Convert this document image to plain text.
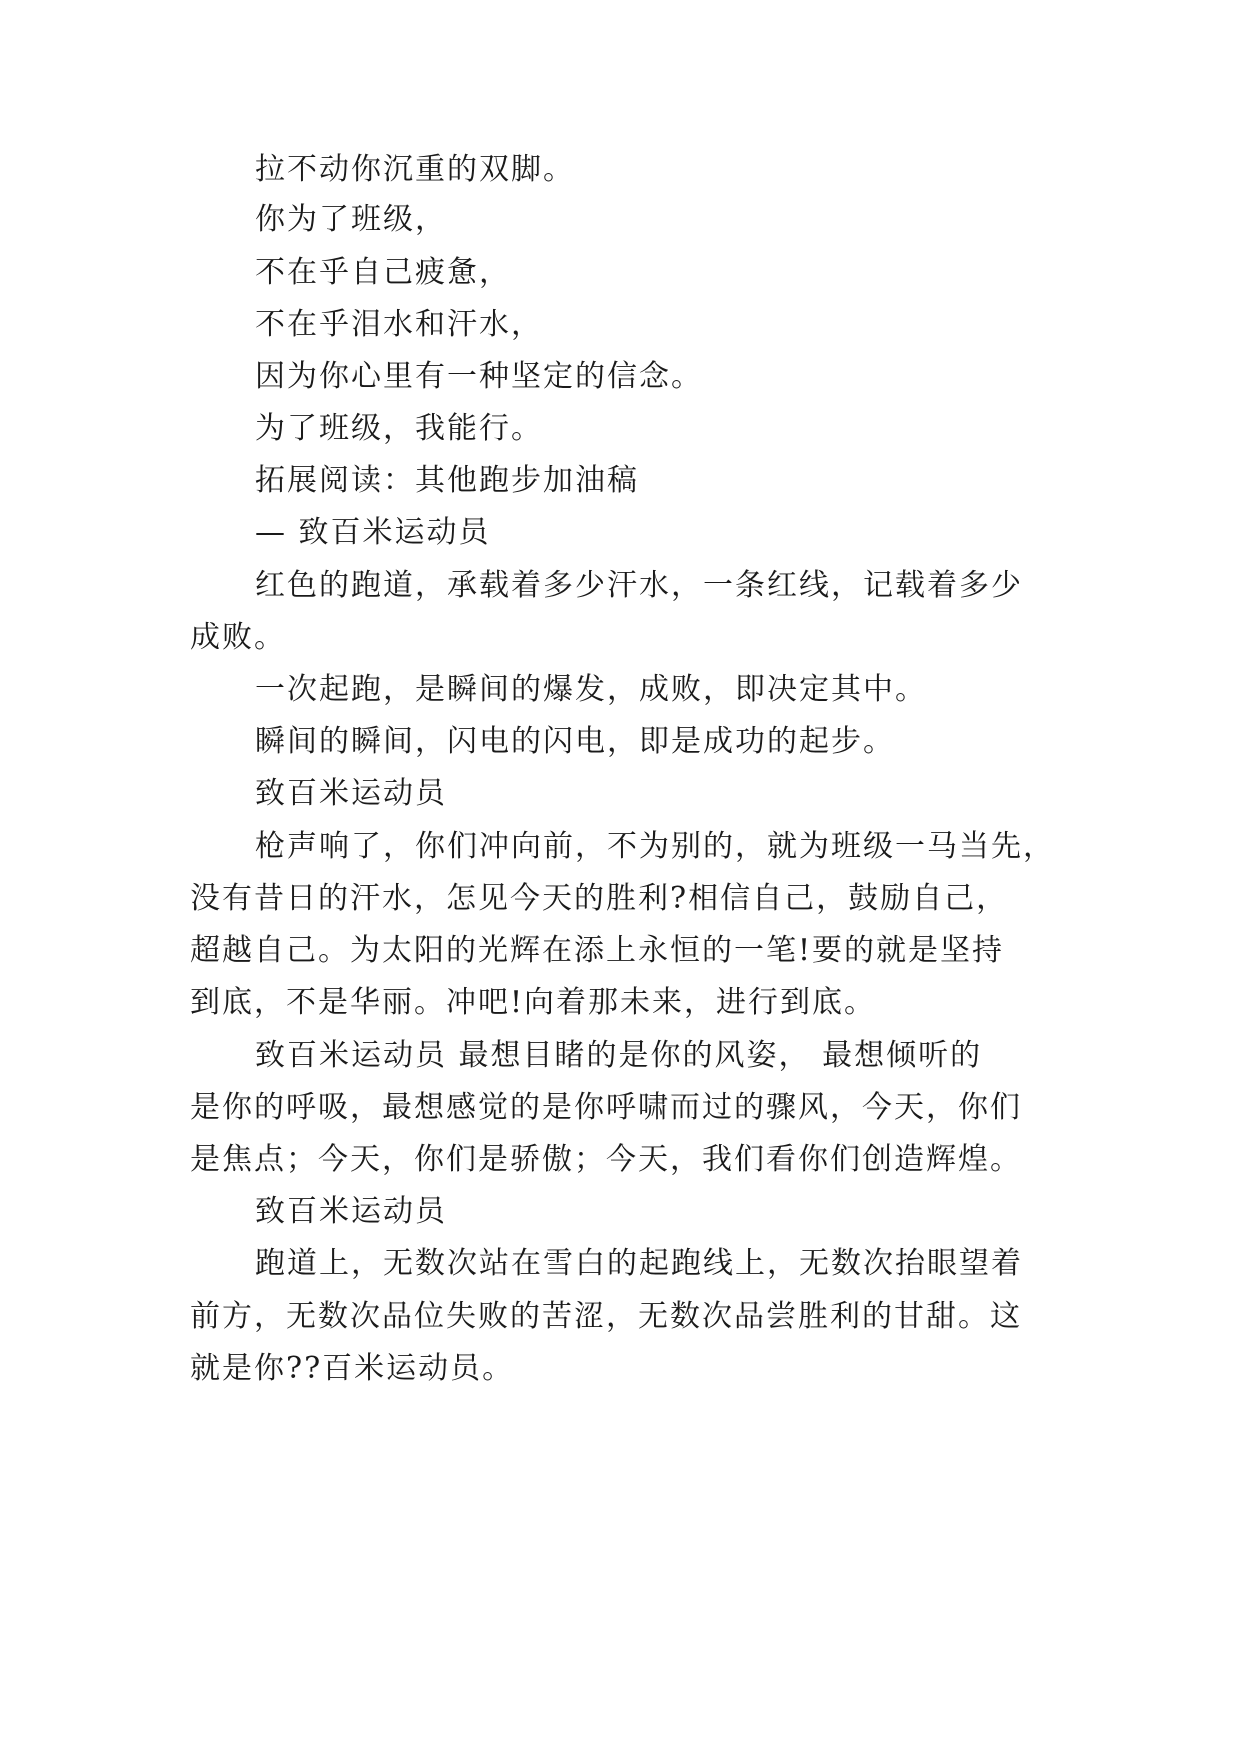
拉不动你沉重的双脚。
你为了班级，
不在乎自己疲惫，
不在乎泪水和汗水，
因为你心里有一种坚定的信念。
为了班级，我能行。
拓展阅读：其他跑步加油稿
— 致百米运动员
红色的跑道，承载着多少汗水，一条红线，记载着多少
成败。
一次起跑，是瞬间的爆发，成败，即决定其中。
瞬间的瞬间，闪电的闪电，即是成功的起步。
致百米运动员
枪声响了，你们冲向前，不为别的，就为班级一马当先，
没有昔日的汗水，怎见今天的胜利?相信自己，鼓励自己，
超越自己。为太阳的光辉在添上永恒的一笔!要的就是坚持
到底，不是华丽。冲吧!向着那未来，进行到底。
致百米运动员 最想目睹的是你的风姿， 最想倾听的
是你的呼吸，最想感觉的是你呼啸而过的骤风，今天，你们
是焦点；今天，你们是骄傲；今天，我们看你们创造辉煌。
致百米运动员
跑道上，无数次站在雪白的起跑线上，无数次抬眼望着
前方，无数次品位失败的苦涩，无数次品尝胜利的甘甜。这
就是你??百米运动员。
